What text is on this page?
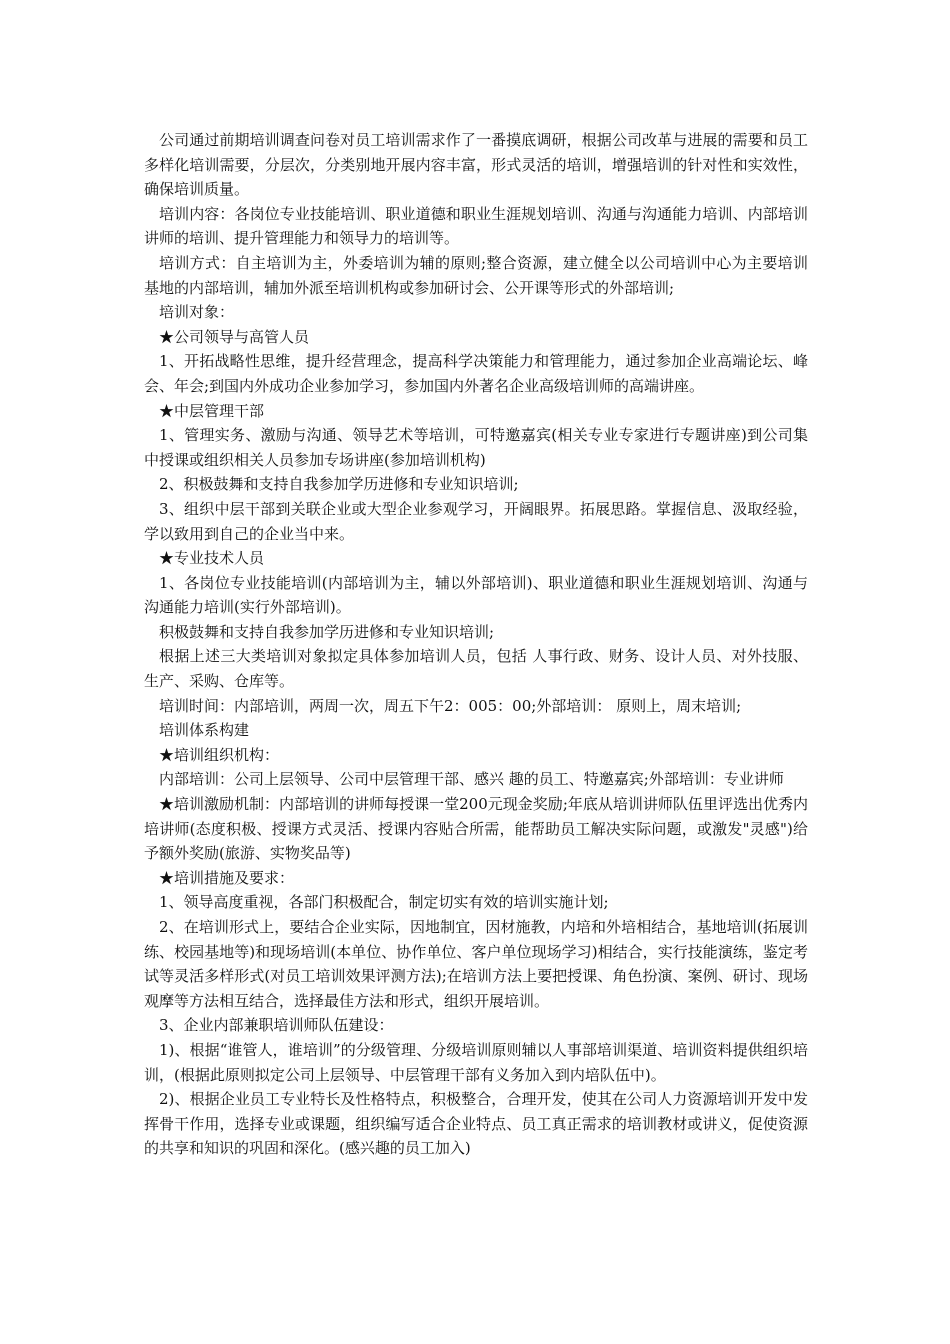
公司通过前期培训调查问卷对员工培训需求作了一番摸底调研，根据公司改革与进展的需要和员工多样化培训需要，分层次，分类别地开展内容丰富，形式灵活的培训，增强培训的针对性和实效性，确保培训质量。

培训内容：各岗位专业技能培训、职业道德和职业生涯规划培训、沟通与沟通能力培训、内部培训讲师的培训、提升管理能力和领导力的培训等。

培训方式：自主培训为主，外委培训为辅的原则;整合资源，建立健全以公司培训中心为主要培训基地的内部培训，辅加外派至培训机构或参加研讨会、公开课等形式的外部培训;

培训对象：

★公司领导与高管人员

1、开拓战略性思维，提升经营理念，提高科学决策能力和管理能力，通过参加企业高端论坛、峰会、年会;到国内外成功企业参加学习，参加国内外著名企业高级培训师的高端讲座。

★中层管理干部

1、管理实务、激励与沟通、领导艺术等培训，可特邀嘉宾(相关专业专家进行专题讲座)到公司集中授课或组织相关人员参加专场讲座(参加培训机构)

2、积极鼓舞和支持自我参加学历进修和专业知识培训;

3、组织中层干部到关联企业或大型企业参观学习，开阔眼界。拓展思路。掌握信息、汲取经验，学以致用到自己的企业当中来。

★专业技术人员

1、各岗位专业技能培训(内部培训为主，辅以外部培训)、职业道德和职业生涯规划培训、沟通与沟通能力培训(实行外部培训)。

积极鼓舞和支持自我参加学历进修和专业知识培训;

根据上述三大类培训对象拟定具体参加培训人员，包括 人事行政、财务、设计人员、对外技服、生产、采购、仓库等。

培训时间：内部培训，两周一次，周五下午2：005：00;外部培训： 原则上，周末培训;

培训体系构建

★培训组织机构：

内部培训：公司上层领导、公司中层管理干部、感兴 趣的员工、特邀嘉宾;外部培训：专业讲师

★培训激励机制：内部培训的讲师每授课一堂200元现金奖励;年底从培训讲师队伍里评选出优秀内培讲师(态度积极、授课方式灵活、授课内容贴合所需，能帮助员工解决实际问题，或激发"灵感")给予额外奖励(旅游、实物奖品等)

★培训措施及要求：

1、领导高度重视，各部门积极配合，制定切实有效的培训实施计划;

2、在培训形式上，要结合企业实际，因地制宜，因材施教，内培和外培相结合，基地培训(拓展训练、校园基地等)和现场培训(本单位、协作单位、客户单位现场学习)相结合，实行技能演练，鉴定考试等灵活多样形式(对员工培训效果评测方法);在培训方法上要把授课、角色扮演、案例、研讨、现场观摩等方法相互结合，选择最佳方法和形式，组织开展培训。

3、企业内部兼职培训师队伍建设：

1)、根据“谁管人，谁培训”的分级管理、分级培训原则辅以人事部培训渠道、培训资料提供组织培训，(根据此原则拟定公司上层领导、中层管理干部有义务加入到内培队伍中)。

2)、根据企业员工专业特长及性格特点，积极整合，合理开发，使其在公司人力资源培训开发中发挥骨干作用，选择专业或课题，组织编写适合企业特点、员工真正需求的培训教材或讲义，促使资源的共享和知识的巩固和深化。(感兴趣的员工加入)
